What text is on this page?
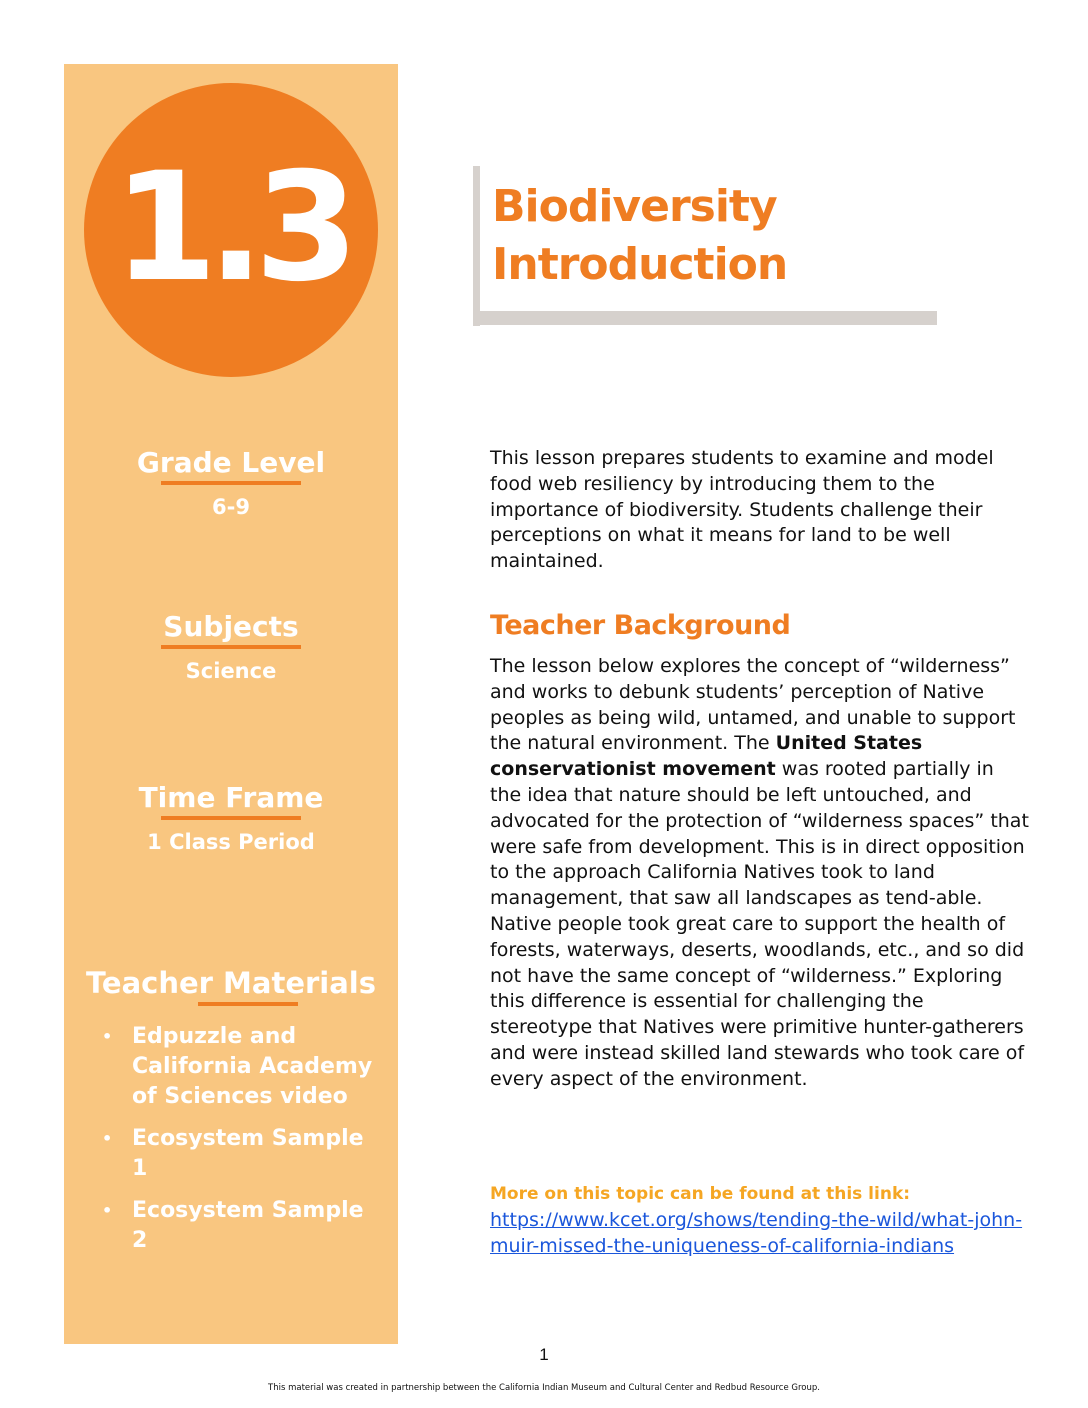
1.3
Grade Level
6-9
Subjects
Science
Time Frame
1 Class Period
Teacher Materials
• Edpuzzle and California Academy of Sciences video
• Ecosystem Sample 1
• Ecosystem Sample 2
Biodiversity
Introduction
This lesson prepares students to examine and model food web resiliency by introducing them to the importance of biodiversity. Students challenge their perceptions on what it means for land to be well maintained.
Teacher Background
The lesson below explores the concept of “wilderness” and works to debunk students’ perception of Native peoples as being wild, untamed, and unable to support the natural environment. The United States conservationist movement was rooted partially in the idea that nature should be left untouched, and advocated for the protection of “wilderness spaces” that were safe from development. This is in direct opposition to the approach California Natives took to land management, that saw all landscapes as tend-able. Native people took great care to support the health of forests, waterways, deserts, woodlands, etc., and so did not have the same concept of “wilderness.” Exploring this difference is essential for challenging the stereotype that Natives were primitive hunter-gatherers and were instead skilled land stewards who took care of every aspect of the environment.
More on this topic can be found at this link: https://www.kcet.org/shows/tending-the-wild/what-john-muir-missed-the-uniqueness-of-california-indians
1
This material was created in partnership between the California Indian Museum and Cultural Center and Redbud Resource Group.
